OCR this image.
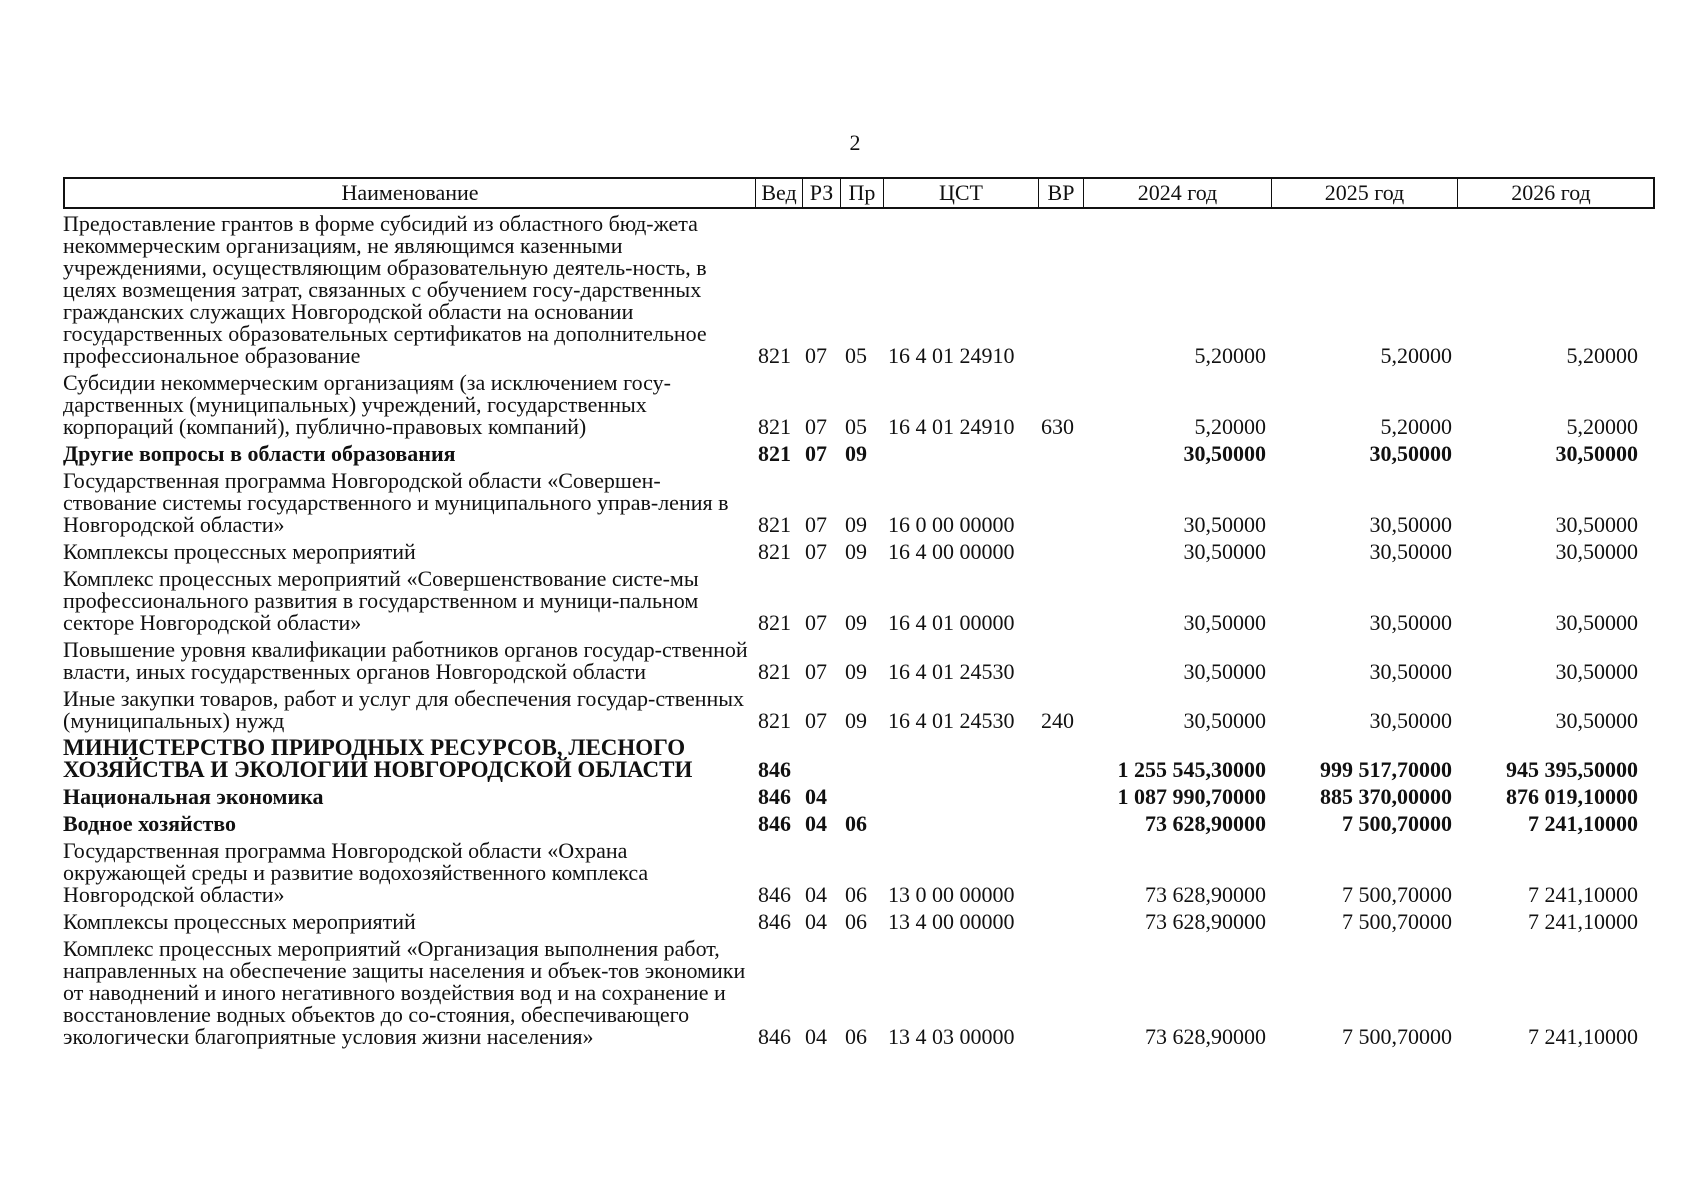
2
Наименование	Вед РЗ Пр	ЦСТ	ВР	2024 год	2025 год	2026 год
Предоставление грантов в форме субсидий из областного бюд-жета некоммерческим организациям, не являющимся казенными учреждениями, осуществляющим образовательную деятель-ность, в целях возмещения затрат, связанных с обучением госу-дарственных гражданских служащих Новгородской области на основании государственных образовательных сертификатов на дополнительное профессиональное образование	821 07 05 16 4 01 24910	5,20000	5,20000	5,20000
Субсидии некоммерческим организациям (за исключением госу-дарственных (муниципальных) учреждений, государственных корпораций (компаний), публично-правовых компаний)	821 07 05 16 4 01 24910	630	5,20000	5,20000	5,20000
Другие вопросы в области образования	821 07 09	30,50000	30,50000	30,50000
Государственная программа Новгородской области «Совершен-ствование системы государственного и муниципального управ-ления в Новгородской области»	821 07 09 16 0 00 00000	30,50000	30,50000	30,50000
Комплексы процессных мероприятий	821 07 09 16 4 00 00000	30,50000	30,50000	30,50000
Комплекс процессных мероприятий «Совершенствование систе-мы профессионального развития в государственном и муници-пальном секторе Новгородской области»	821 07 09 16 4 01 00000	30,50000	30,50000	30,50000
Повышение уровня квалификации работников органов государ-ственной власти, иных государственных органов Новгородской области	821 07 09 16 4 01 24530	30,50000	30,50000	30,50000
Иные закупки товаров, работ и услуг для обеспечения государ-ственных (муниципальных) нужд	821 07 09 16 4 01 24530	240	30,50000	30,50000	30,50000
МИНИСТЕРСТВО ПРИРОДНЫХ РЕСУРСОВ, ЛЕСНОГО ХОЗЯЙСТВА И ЭКОЛОГИИ НОВГОРОДСКОЙ ОБЛАСТИ	846	1 255 545,30000	999 517,70000	945 395,50000
Национальная экономика	846 04	1 087 990,70000	885 370,00000	876 019,10000
Водное хозяйство	846 04 06	73 628,90000	7 500,70000	7 241,10000
Государственная программа Новгородской области «Охрана окружающей среды и развитие водохозяйственного комплекса Новгородской области»	846 04 06 13 0 00 00000	73 628,90000	7 500,70000	7 241,10000
Комплексы процессных мероприятий	846 04 06 13 4 00 00000	73 628,90000	7 500,70000	7 241,10000
Комплекс процессных мероприятий «Организация выполнения работ, направленных на обеспечение защиты населения и объек-тов экономики от наводнений и иного негативного воздействия вод и на сохранение и восстановление водных объектов до со-стояния, обеспечивающего экологически благоприятные условия жизни населения»	846 04 06 13 4 03 00000	73 628,90000	7 500,70000	7 241,10000
